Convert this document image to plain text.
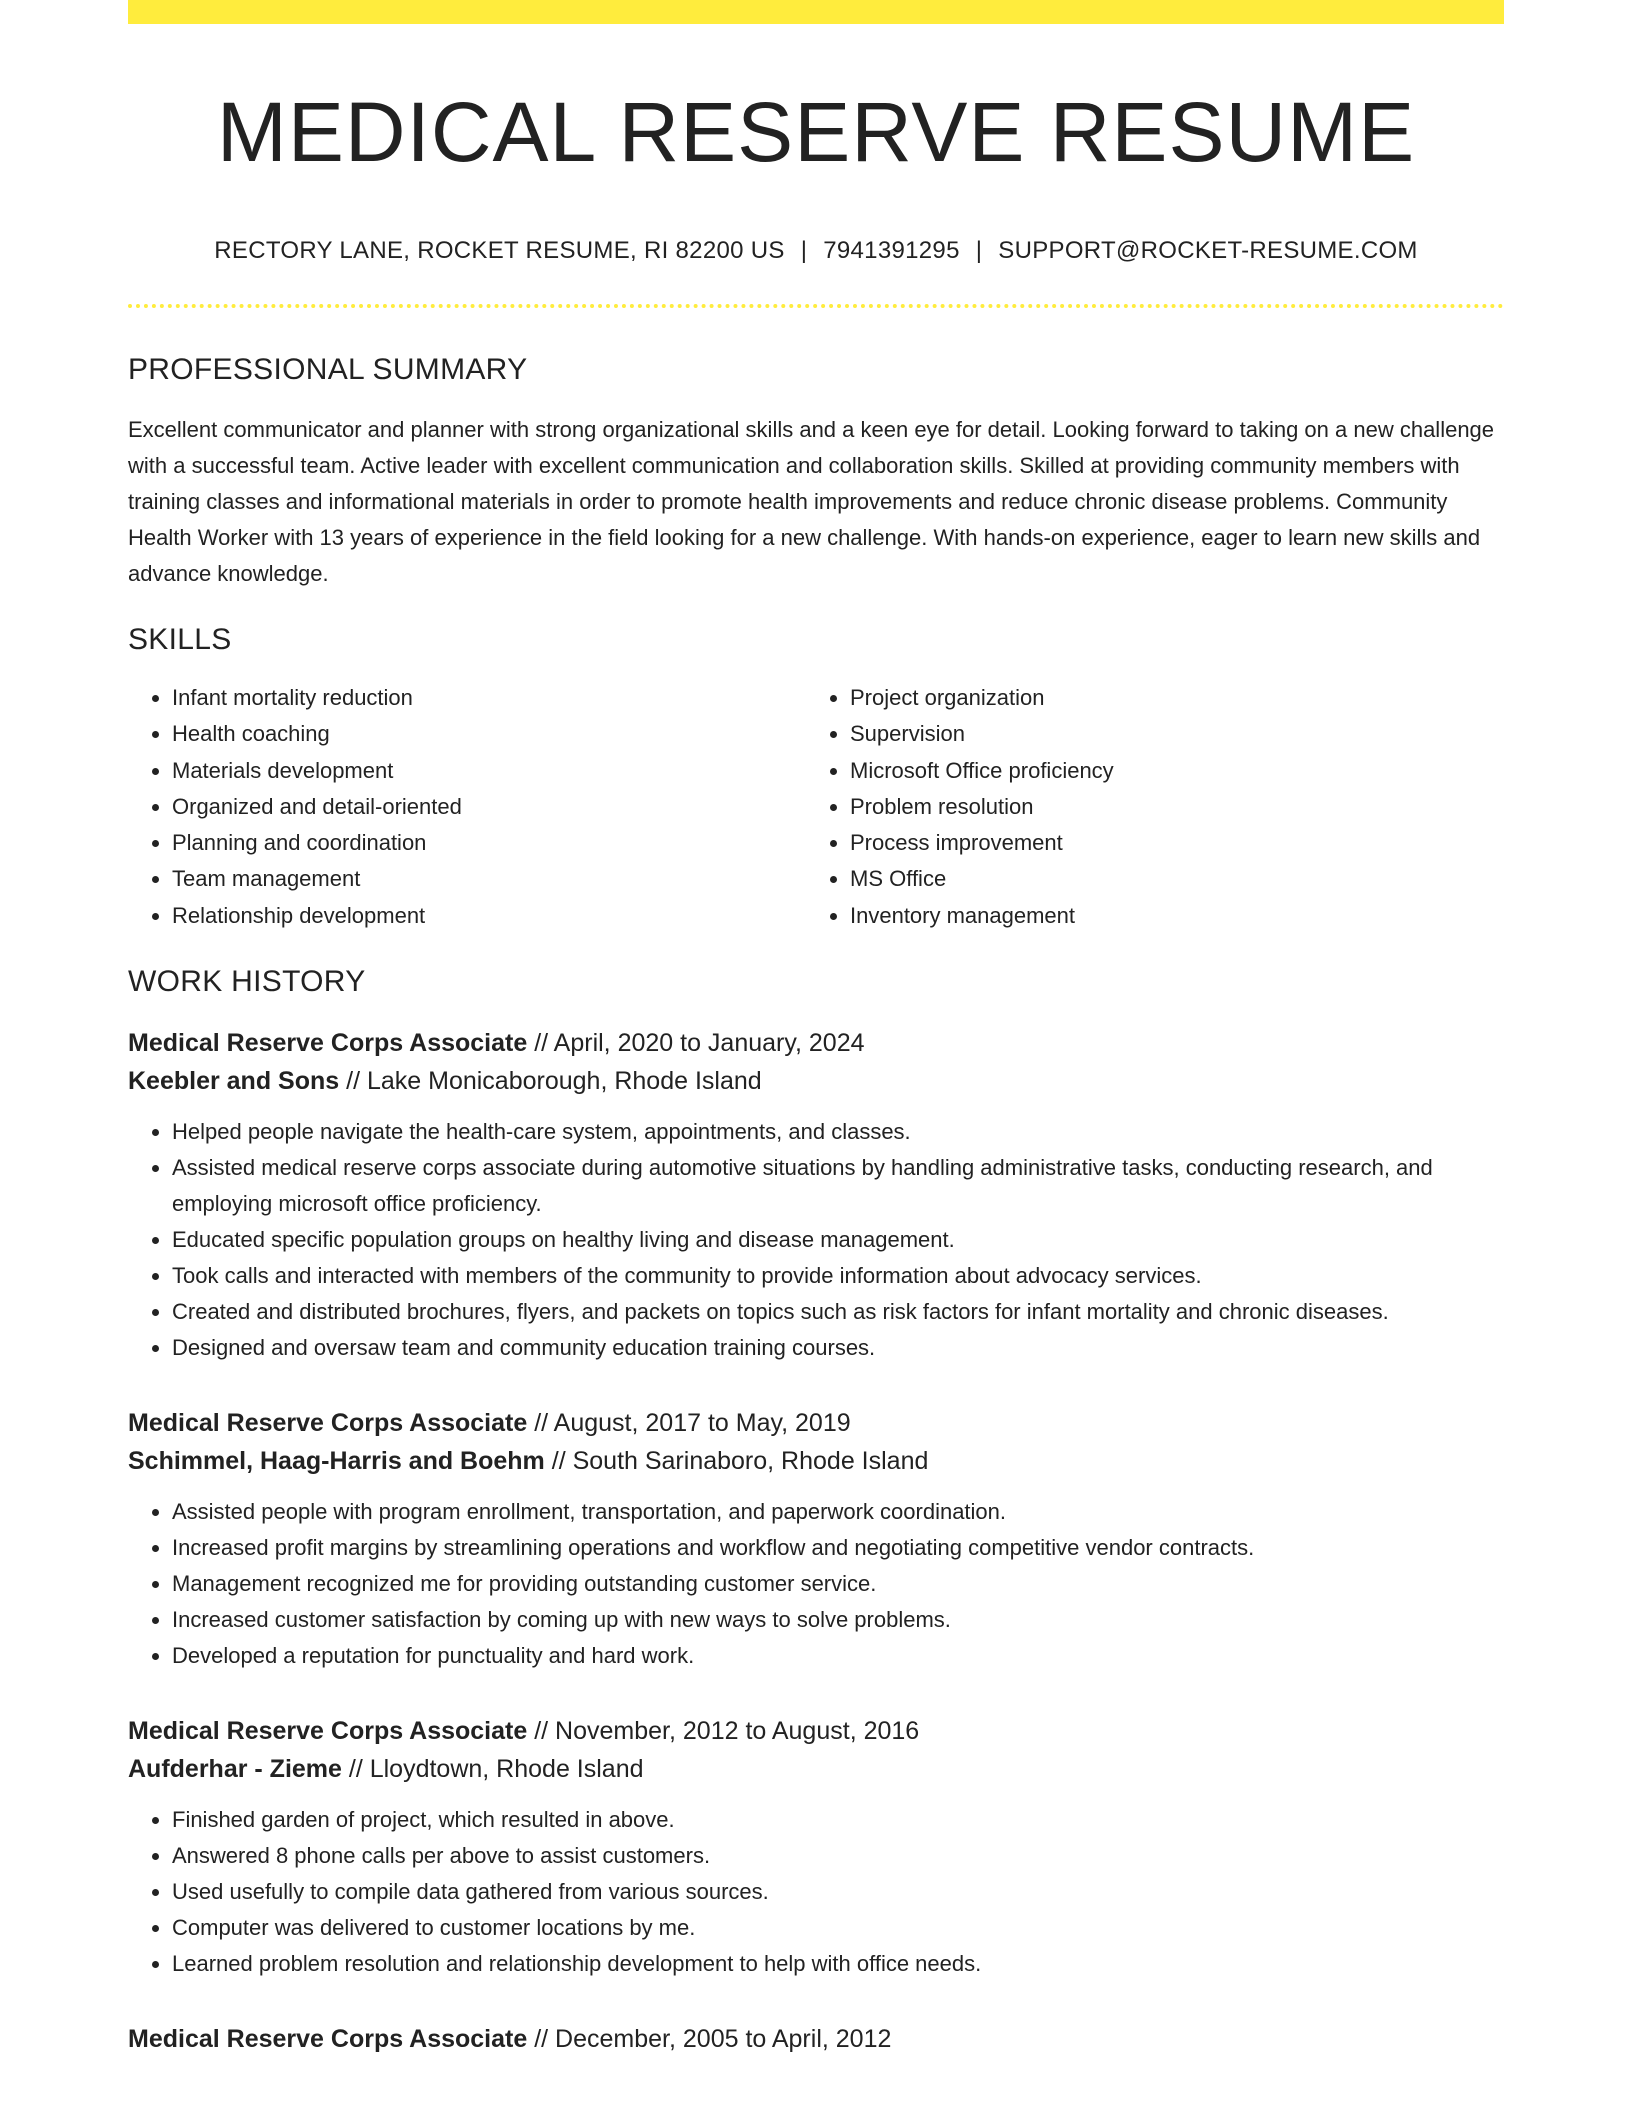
MEDICAL RESERVE RESUME
RECTORY LANE, ROCKET RESUME, RI 82200 US | 7941391295 | SUPPORT@ROCKET-RESUME.COM
PROFESSIONAL SUMMARY

Excellent communicator and planner with strong organizational skills and a keen eye for detail. Looking forward to taking on a new challenge with a successful team. Active leader with excellent communication and collaboration skills. Skilled at providing community members with training classes and informational materials in order to promote health improvements and reduce chronic disease problems. Community Health Worker with 13 years of experience in the field looking for a new challenge. With hands-on experience, eager to learn new skills and advance knowledge.

SKILLS
• Infant mortality reduction
• Health coaching
• Materials development
• Organized and detail-oriented
• Planning and coordination
• Team management
• Relationship development
• Project organization
• Supervision
• Microsoft Office proficiency
• Problem resolution
• Process improvement
• MS Office
• Inventory management
WORK HISTORY
Medical Reserve Corps Associate // April, 2020 to January, 2024
Keebler and Sons // Lake Monicaborough, Rhode Island
• Helped people navigate the health-care system, appointments, and classes.
• Assisted medical reserve corps associate during automotive situations by handling administrative tasks, conducting research, and employing microsoft office proficiency.
• Educated specific population groups on healthy living and disease management.
• Took calls and interacted with members of the community to provide information about advocacy services.
• Created and distributed brochures, flyers, and packets on topics such as risk factors for infant mortality and chronic diseases.
• Designed and oversaw team and community education training courses.
Medical Reserve Corps Associate // August, 2017 to May, 2019
Schimmel, Haag-Harris and Boehm // South Sarinaboro, Rhode Island
• Assisted people with program enrollment, transportation, and paperwork coordination.
• Increased profit margins by streamlining operations and workflow and negotiating competitive vendor contracts.
• Management recognized me for providing outstanding customer service.
• Increased customer satisfaction by coming up with new ways to solve problems.
• Developed a reputation for punctuality and hard work.
Medical Reserve Corps Associate // November, 2012 to August, 2016
Aufderhar - Zieme // Lloydtown, Rhode Island
• Finished garden of project, which resulted in above.
• Answered 8 phone calls per above to assist customers.
• Used usefully to compile data gathered from various sources.
• Computer was delivered to customer locations by me.
• Learned problem resolution and relationship development to help with office needs.
Medical Reserve Corps Associate // December, 2005 to April, 2012
